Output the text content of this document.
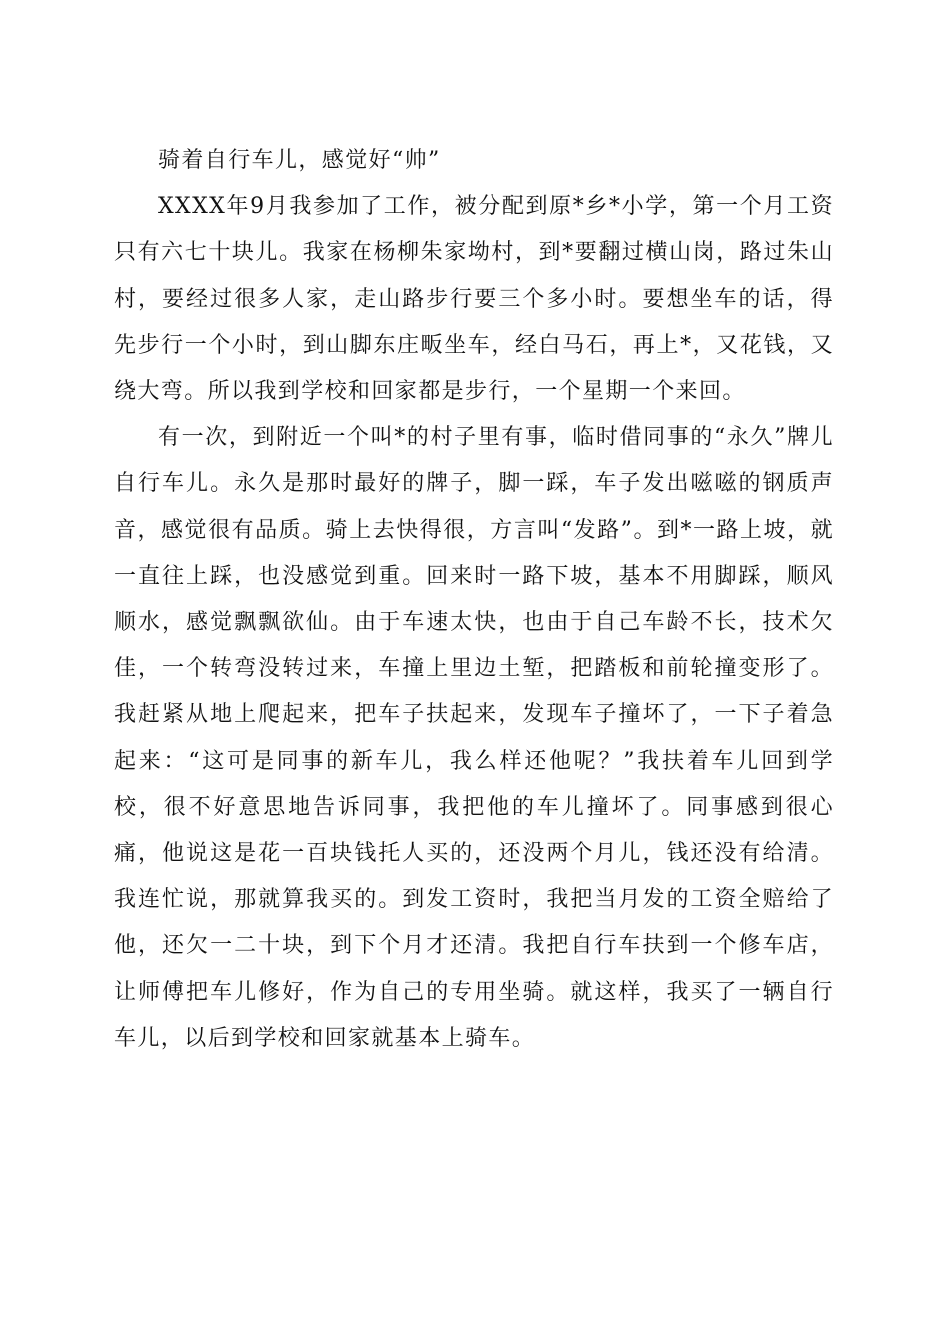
骑着自行车儿，感觉好“帅”

XXXX年9月我参加了工作，被分配到原*乡*小学，第一个月工资只有六七十块儿。我家在杨柳朱家坳村，到*要翻过横山岗，路过朱山村，要经过很多人家，走山路步行要三个多小时。要想坐车的话，得先步行一个小时，到山脚东庄畈坐车，经白马石，再上*，又花钱，又绕大弯。所以我到学校和回家都是步行，一个星期一个来回。

有一次，到附近一个叫*的村子里有事，临时借同事的“永久”牌儿自行车儿。永久是那时最好的牌子，脚一踩，车子发出嗞嗞的钢质声音，感觉很有品质。骑上去快得很，方言叫“发路”。到*一路上坡，就一直往上踩，也没感觉到重。回来时一路下坡，基本不用脚踩，顺风顺水，感觉飘飘欲仙。由于车速太快，也由于自己车龄不长，技术欠佳，一个转弯没转过来，车撞上里边土堑，把踏板和前轮撞变形了。我赶紧从地上爬起来，把车子扶起来，发现车子撞坏了，一下子着急起来：“这可是同事的新车儿，我么样还他呢？”我扶着车儿回到学校，很不好意思地告诉同事，我把他的车儿撞坏了。同事感到很心痛，他说这是花一百块钱托人买的，还没两个月儿，钱还没有给清。我连忙说，那就算我买的。到发工资时，我把当月发的工资全赔给了他，还欠一二十块，到下个月才还清。我把自行车扶到一个修车店，让师傅把车儿修好，作为自己的专用坐骑。就这样，我买了一辆自行车儿，以后到学校和回家就基本上骑车。
